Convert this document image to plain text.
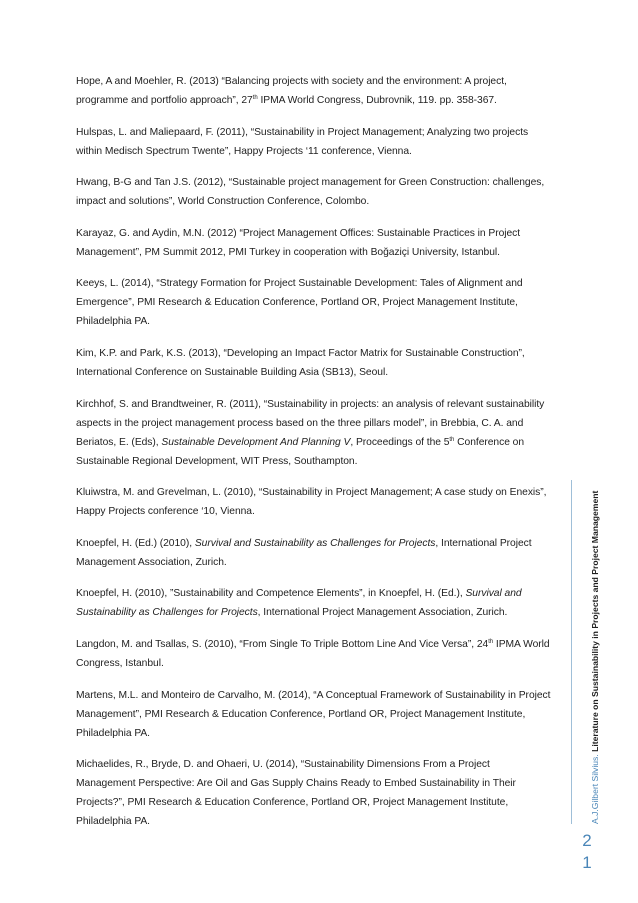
Hope, A and Moehler, R. (2013) “Balancing projects with society and the environment: A project, programme and portfolio approach”, 27th IPMA World Congress, Dubrovnik, 119. pp. 358-367.

Hulspas, L. and Maliepaard, F. (2011), “Sustainability in Project Management; Analyzing two projects within Medisch Spectrum Twente”, Happy Projects ‘11 conference, Vienna.

Hwang, B-G and Tan J.S. (2012), “Sustainable project management for Green Construction: challenges, impact and solutions”, World Construction Conference, Colombo.

Karayaz, G. and Aydin, M.N. (2012) “Project Management Offices: Sustainable Practices in Project Management”, PM Summit 2012, PMI Turkey in cooperation with Boğaziçi University, Istanbul.

Keeys, L. (2014), “Strategy Formation for Project Sustainable Development: Tales of Alignment and Emergence”, PMI Research & Education Conference, Portland OR, Project Management Institute, Philadelphia PA.

Kim, K.P. and Park, K.S. (2013), “Developing an Impact Factor Matrix for Sustainable Construction”, International Conference on Sustainable Building Asia (SB13), Seoul.

Kirchhof, S. and Brandtweiner, R. (2011), “Sustainability in projects: an analysis of relevant sustainability aspects in the project management process based on the three pillars model”, in Brebbia, C. A. and Beriatos, E. (Eds), Sustainable Development And Planning V, Proceedings of the 5th Conference on Sustainable Regional Development, WIT Press, Southampton.

Kluiwstra, M. and Grevelman, L. (2010), “Sustainability in Project Management; A case study on Enexis”, Happy Projects conference ‘10, Vienna.

Knoepfel, H. (Ed.) (2010), Survival and Sustainability as Challenges for Projects, International Project Management Association, Zurich.

Knoepfel, H. (2010), ”Sustainability and Competence Elements”, in Knoepfel, H. (Ed.), Survival and Sustainability as Challenges for Projects, International Project Management Association, Zurich.

Langdon, M. and Tsallas, S. (2010), “From Single To Triple Bottom Line And Vice Versa”, 24th IPMA World Congress, Istanbul.

Martens, M.L. and Monteiro de Carvalho, M. (2014), “A Conceptual Framework of Sustainability in Project Management”, PMI Research & Education Conference, Portland OR, Project Management Institute, Philadelphia PA.

Michaelides, R., Bryde, D. and Ohaeri, U. (2014), “Sustainability Dimensions From a Project Management Perspective: Are Oil and Gas Supply Chains Ready to Embed Sustainability in Their Projects?”, PMI Research & Education Conference, Portland OR, Project Management Institute, Philadelphia PA.	A.J.Gilbert Silvius. Literature on Sustainability in Projects and Project Management
2
1
